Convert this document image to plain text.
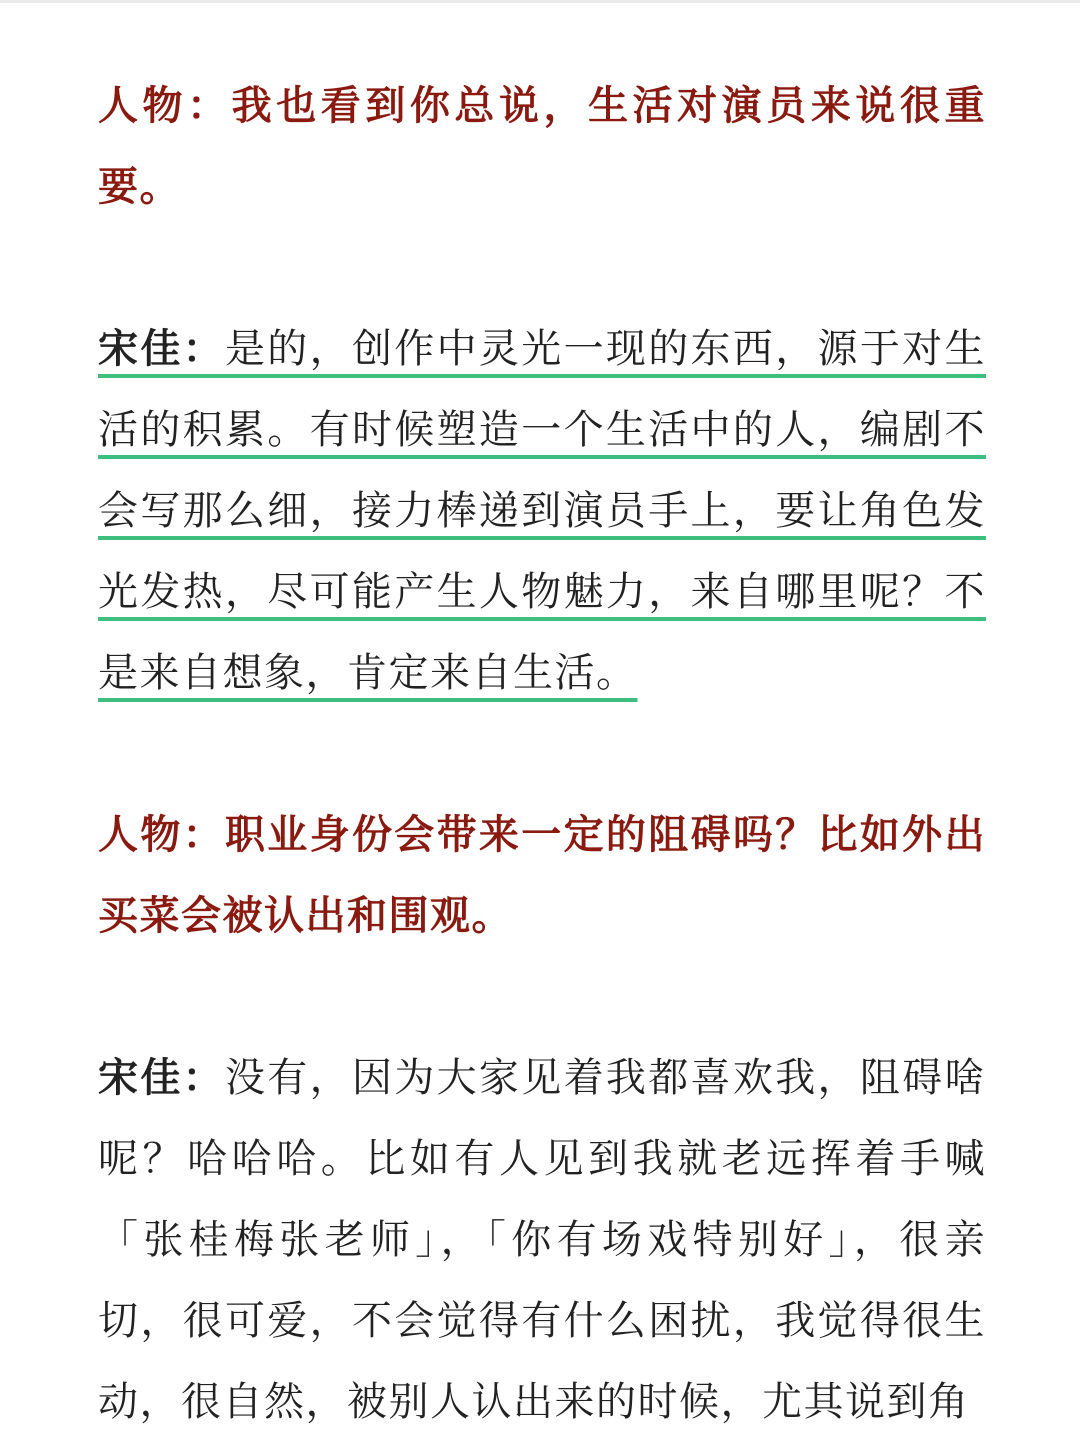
人物：我也看到你总说，生活对演员来说很重要。

宋佳：是的，创作中灵光一现的东西，源于对生活的积累。有时候塑造一个生活中的人，编剧不会写那么细，接力棒递到演员手上，要让角色发光发热，尽可能产生人物魅力，来自哪里呢？不是来自想象，肯定来自生活。

人物：职业身份会带来一定的阻碍吗？比如外出买菜会被认出和围观。

宋佳：没有，因为大家见着我都喜欢我，阻碍啥呢？哈哈哈。比如有人见到我就老远挥着手喊「张桂梅张老师」，「你有场戏特别好」，很亲切，很可爱，不会觉得有什么困扰，我觉得很生动，很自然，被别人认出来的时候，尤其说到角
